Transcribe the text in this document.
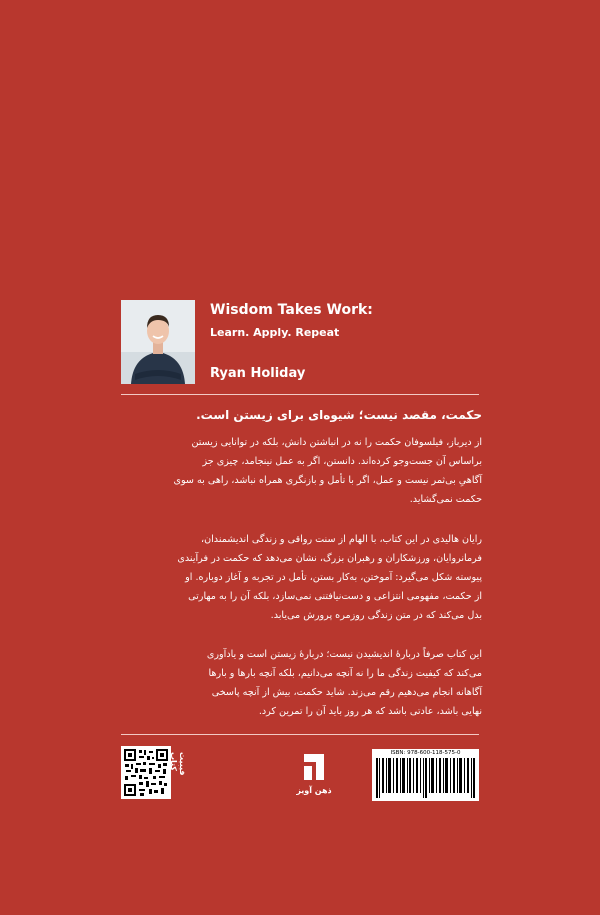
Wisdom Takes Work:
Learn. Apply. Repeat
Ryan Holiday
حکمت، مقصد نیست؛ شیوه‌ای برای زیستن است.
از دیرباز، فیلسوفان حکمت را نه در انباشتن دانش، بلکه در توانایی زیستن
براساس آن جست‌وجو کرده‌اند. دانستن، اگر به عمل نینجامد، چیزی جز
آگاهیِ بی‌ثمر نیست و عمل، اگر با تأمل و بازنگری همراه نباشد، راهی به سوی
حکمت نمی‌گشاید.
رایان هالیدی در این کتاب، با الهام از سنت رواقی و زندگی اندیشمندان،
فرمانروایان، ورزشکاران و رهبران بزرگ، نشان می‌دهد که حکمت در فرآیندی
پیوسته شکل می‌گیرد: آموختن، به‌کار بستن، تأمل در تجربه و آغاز دوباره. او
از حکمت، مفهومی انتزاعی و دست‌نیافتنی نمی‌سازد، بلکه آن را به مهارتی
بدل می‌کند که در متن زندگی روزمره پرورش می‌یابد.
این کتاب صرفاً دربارهٔ اندیشیدن نیست؛ دربارهٔ زیستن است و یادآوری
می‌کند که کیفیت زندگی ما را نه آنچه می‌دانیم، بلکه آنچه بارها و بارها
آگاهانه انجام می‌دهیم رقم می‌زند. شاید حکمت، بیش از آنچه پاسخی
نهایی باشد، عادتی باشد که هر روز باید آن را تمرین کرد.
فیبیت کتاب
ذهن آویز
ISBN: 978-600-118-575-0
